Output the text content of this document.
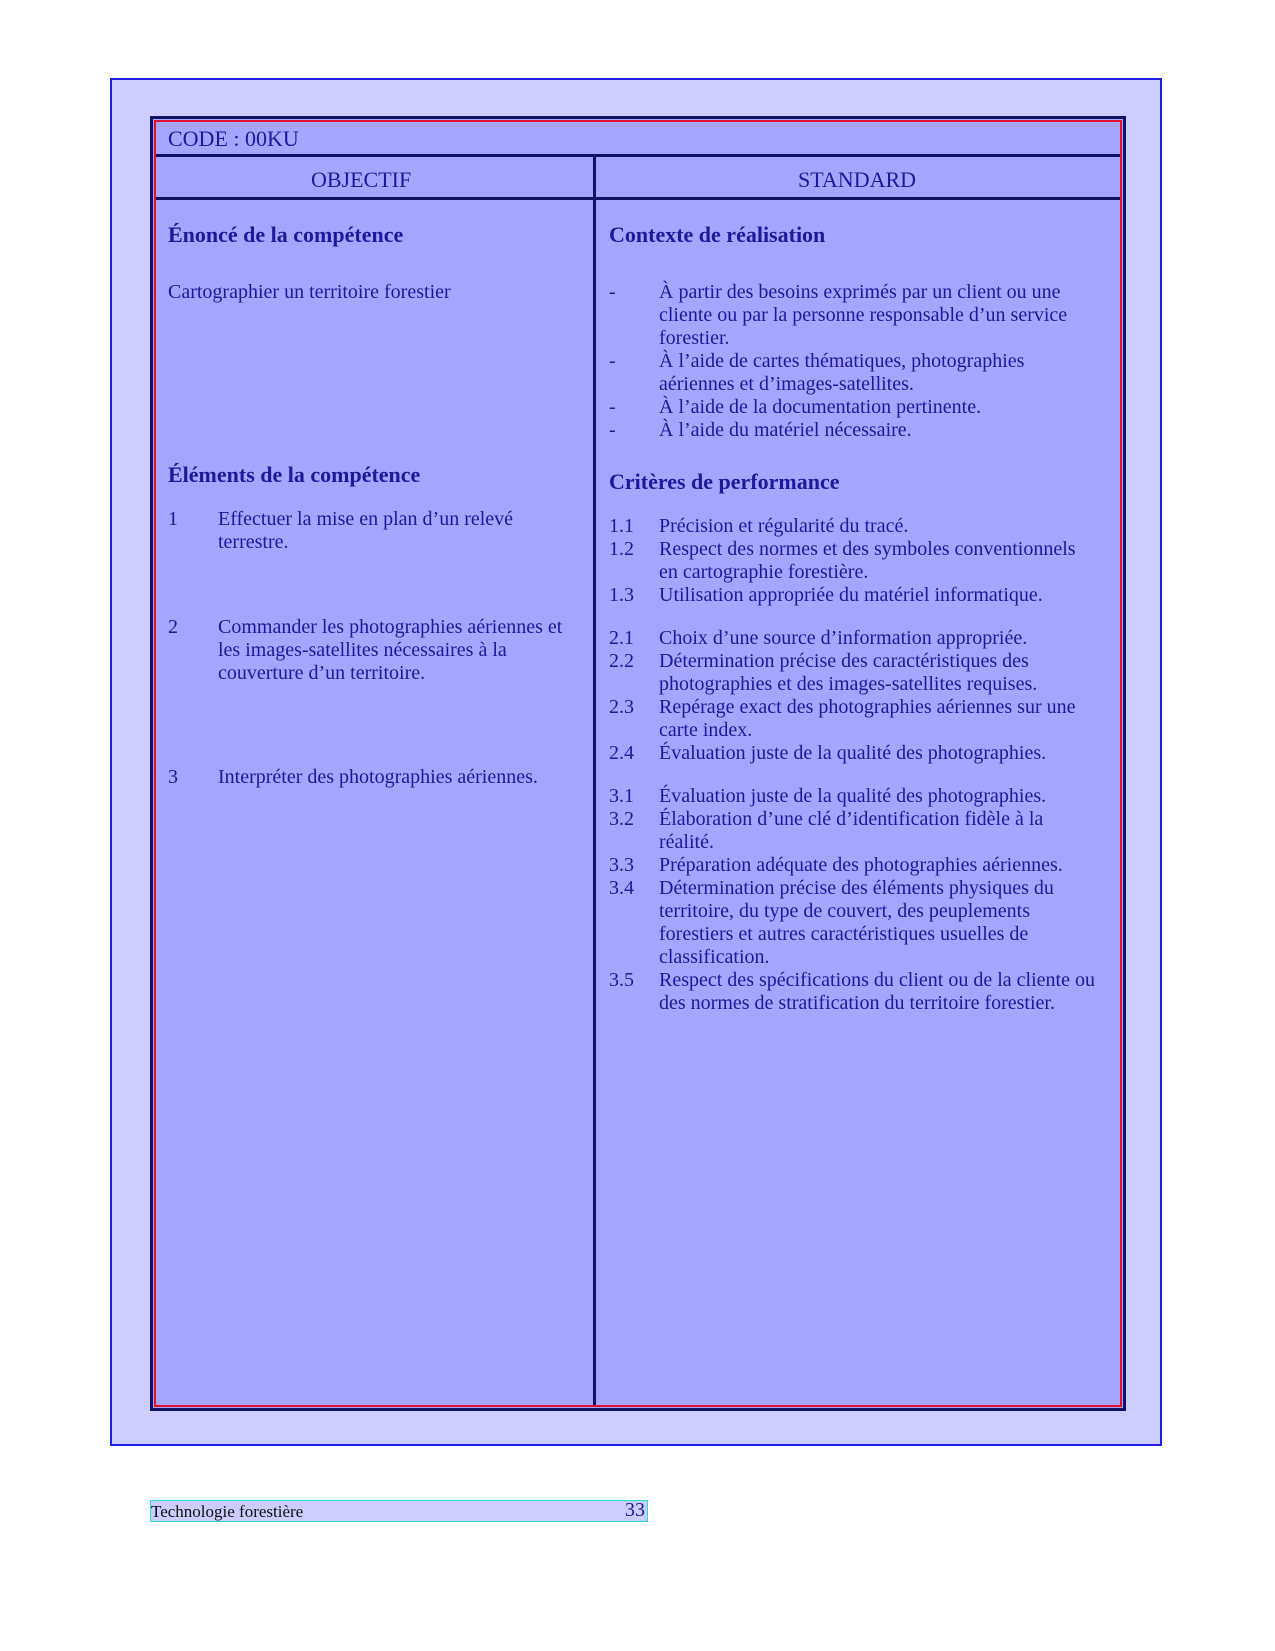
CODE : 00KU
OBJECTIF	STANDARD

Énoncé de la compétence

Cartographier un territoire forestier

Éléments de la compétence

1	Effectuer la mise en plan d’un relevé terrestre.
2	Commander les photographies aériennes et les images-satellites nécessaires à la couverture d’un territoire.
3	Interpréter des photographies aériennes.

Contexte de réalisation

-	À partir des besoins exprimés par un client ou une cliente ou par la personne responsable d’un service forestier.
-	À l’aide de cartes thématiques, photographies aériennes et d’images-satellites.
-	À l’aide de la documentation pertinente.
-	À l’aide du matériel nécessaire.

Critères de performance

1.1	Précision et régularité du tracé.
1.2	Respect des normes et des symboles conventionnels en cartographie forestière.
1.3	Utilisation appropriée du matériel informatique.
2.1	Choix d’une source d’information appropriée.
2.2	Détermination précise des caractéristiques des photographies et des images-satellites requises.
2.3	Repérage exact des photographies aériennes sur une carte index.
2.4	Évaluation juste de la qualité des photographies.
3.1	Évaluation juste de la qualité des photographies.
3.2	Élaboration d’une clé d’identification fidèle à la réalité.
3.3	Préparation adéquate des photographies aériennes.
3.4	Détermination précise des éléments physiques du territoire, du type de couvert, des peuplements forestiers et autres caractéristiques usuelles de classification.
3.5	Respect des spécifications du client ou de la cliente ou des normes de stratification du territoire forestier.
Technologie forestière	33
